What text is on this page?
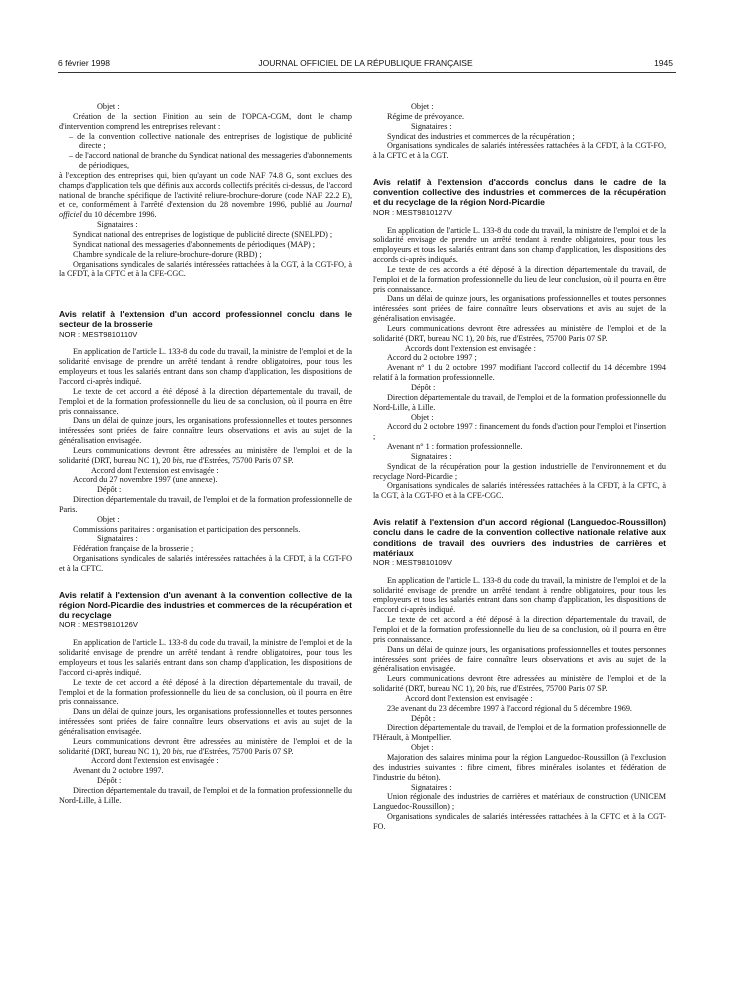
6 février 1998	JOURNAL OFFICIEL DE LA RÉPUBLIQUE FRANÇAISE	1945

Objet :

Création de la section Finition au sein de l'OPCA-CGM, dont le champ d'intervention comprend les entreprises relevant :

– de la convention collective nationale des entreprises de logistique de publicité directe ;

– de l'accord national de branche du Syndicat national des messageries d'abonnements de périodiques,

à l'exception des entreprises qui, bien qu'ayant un code NAF 74.8 G, sont exclues des champs d'application tels que définis aux accords collectifs précités ci-dessus, de l'accord national de branche spécifique de l'activité reliure-brochure-dorure (code NAF 22.2 E), et ce, conformément à l'arrêté d'extension du 28 novembre 1996, publié au Journal officiel du 10 décembre 1996.

Signataires :

Syndicat national des entreprises de logistique de publicité directe (SNELPD) ;

Syndicat national des messageries d'abonnements de périodiques (MAP) ;

Chambre syndicale de la reliure-brochure-dorure (RBD) ;

Organisations syndicales de salariés intéressées rattachées à la CGT, à la CGT-FO, à la CFDT, à la CFTC et à la CFE-CGC.

Avis relatif à l'extension d'un accord professionnel conclu dans le secteur de la brosserie

NOR : MEST9810110V

En application de l'article L. 133-8 du code du travail, la ministre de l'emploi et de la solidarité envisage de prendre un arrêté tendant à rendre obligatoires, pour tous les employeurs et tous les salariés entrant dans son champ d'application, les dispositions de l'accord ci-après indiqué.

Le texte de cet accord a été déposé à la direction départementale du travail, de l'emploi et de la formation professionnelle du lieu de sa conclusion, où il pourra en être pris connaissance.

Dans un délai de quinze jours, les organisations professionnelles et toutes personnes intéressées sont priées de faire connaître leurs observations et avis au sujet de la généralisation envisagée.

Leurs communications devront être adressées au ministère de l'emploi et de la solidarité (DRT, bureau NC 1), 20 bis, rue d'Estrées, 75700 Paris 07 SP.

Accord dont l'extension est envisagée :

Accord du 27 novembre 1997 (une annexe).

Dépôt :

Direction départementale du travail, de l'emploi et de la formation professionnelle de Paris.

Objet :

Commissions paritaires : organisation et participation des personnels.

Signataires :

Fédération française de la brosserie ;

Organisations syndicales de salariés intéressées rattachées à la CFDT, à la CGT-FO et à la CFTC.

Avis relatif à l'extension d'un avenant à la convention collective de la région Nord-Picardie des industries et commerces de la récupération et du recyclage

NOR : MEST9810126V

En application de l'article L. 133-8 du code du travail, la ministre de l'emploi et de la solidarité envisage de prendre un arrêté tendant à rendre obligatoires, pour tous les employeurs et tous les salariés entrant dans son champ d'application, les dispositions de l'accord ci-après indiqué.

Le texte de cet accord a été déposé à la direction départementale du travail, de l'emploi et de la formation professionnelle du lieu de sa conclusion, où il pourra en être pris connaissance.

Dans un délai de quinze jours, les organisations professionnelles et toutes personnes intéressées sont priées de faire connaître leurs observations et avis au sujet de la généralisation envisagée.

Leurs communications devront être adressées au ministère de l'emploi et de la solidarité (DRT, bureau NC 1), 20 bis, rue d'Estrées, 75700 Paris 07 SP.

Accord dont l'extension est envisagée :

Avenant du 2 octobre 1997.

Dépôt :

Direction départementale du travail, de l'emploi et de la formation professionnelle du Nord-Lille, à Lille.

Objet :

Régime de prévoyance.

Signataires :

Syndicat des industries et commerces de la récupération ;

Organisations syndicales de salariés intéressées rattachées à la CFDT, à la CGT-FO, à la CFTC et à la CGT.

Avis relatif à l'extension d'accords conclus dans le cadre de la convention collective des industries et commerces de la récupération et du recyclage de la région Nord-Picardie

NOR : MEST9810127V

En application de l'article L. 133-8 du code du travail, la ministre de l'emploi et de la solidarité envisage de prendre un arrêté tendant à rendre obligatoires, pour tous les employeurs et tous les salariés entrant dans son champ d'application, les dispositions des accords ci-après indiqués.

Le texte de ces accords a été déposé à la direction départementale du travail, de l'emploi et de la formation professionnelle du lieu de leur conclusion, où il pourra en être pris connaissance.

Dans un délai de quinze jours, les organisations professionnelles et toutes personnes intéressées sont priées de faire connaître leurs observations et avis au sujet de la généralisation envisagée.

Leurs communications devront être adressées au ministère de l'emploi et de la solidarité (DRT, bureau NC 1), 20 bis, rue d'Estrées, 75700 Paris 07 SP.

Accords dont l'extension est envisagée :

Accord du 2 octobre 1997 ;

Avenant n° 1 du 2 octobre 1997 modifiant l'accord collectif du 14 décembre 1994 relatif à la formation professionnelle.

Dépôt :

Direction départementale du travail, de l'emploi et de la formation professionnelle du Nord-Lille, à Lille.

Objet :

Accord du 2 octobre 1997 : financement du fonds d'action pour l'emploi et l'insertion ;

Avenant n° 1 : formation professionnelle.

Signataires :

Syndicat de la récupération pour la gestion industrielle de l'environnement et du recyclage Nord-Picardie ;

Organisations syndicales de salariés intéressées rattachées à la CFDT, à la CFTC, à la CGT, à la CGT-FO et à la CFE-CGC.

Avis relatif à l'extension d'un accord régional (Languedoc-Roussillon) conclu dans le cadre de la convention collective nationale relative aux conditions de travail des ouvriers des industries de carrières et matériaux

NOR : MEST9810109V

En application de l'article L. 133-8 du code du travail, la ministre de l'emploi et de la solidarité envisage de prendre un arrêté tendant à rendre obligatoires, pour tous les employeurs et tous les salariés entrant dans son champ d'application, les dispositions de l'accord ci-après indiqué.

Le texte de cet accord a été déposé à la direction départementale du travail, de l'emploi et de la formation professionnelle du lieu de sa conclusion, où il pourra en être pris connaissance.

Dans un délai de quinze jours, les organisations professionnelles et toutes personnes intéressées sont priées de faire connaître leurs observations et avis au sujet de la généralisation envisagée.

Leurs communications devront être adressées au ministère de l'emploi et de la solidarité (DRT, bureau NC 1), 20 bis, rue d'Estrées, 75700 Paris 07 SP.

Accord dont l'extension est envisagée :

23e avenant du 23 décembre 1997 à l'accord régional du 5 décembre 1969.

Dépôt :

Direction départementale du travail, de l'emploi et de la formation professionnelle de l'Hérault, à Montpellier.

Objet :

Majoration des salaires minima pour la région Languedoc-Roussillon (à l'exclusion des industries suivantes : fibre ciment, fibres minérales isolantes et fédération de l'industrie du béton).

Signataires :

Union régionale des industries de carrières et matériaux de construction (UNICEM Languedoc-Roussillon) ;

Organisations syndicales de salariés intéressées rattachées à la CFTC et à la CGT-FO.
